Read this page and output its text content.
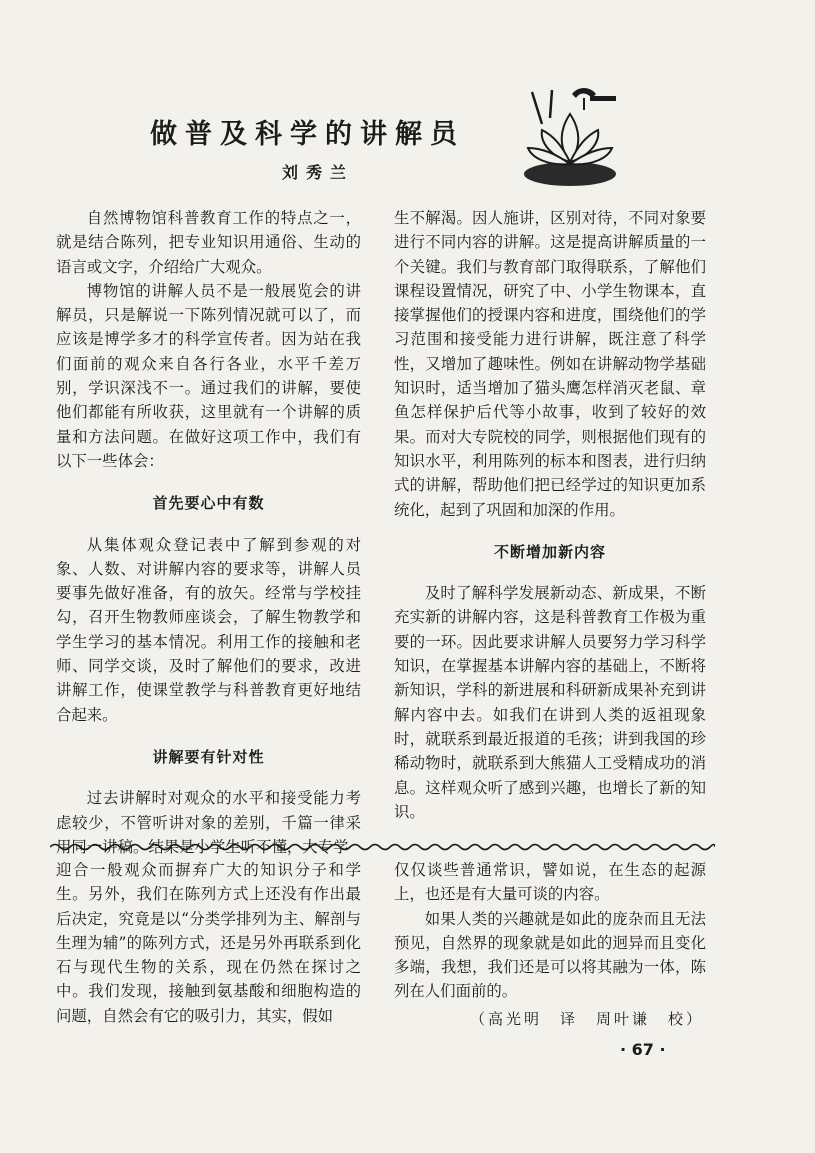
做普及科学的讲解员
刘秀兰

自然博物馆科普教育工作的特点之一，就是结合陈列，把专业知识用通俗、生动的语言或文字，介绍给广大观众。

博物馆的讲解人员不是一般展览会的讲解员，只是解说一下陈列情况就可以了，而应该是博学多才的科学宣传者。因为站在我们面前的观众来自各行各业，水平千差万别，学识深浅不一。通过我们的讲解，要使他们都能有所收获，这里就有一个讲解的质量和方法问题。在做好这项工作中，我们有以下一些体会：

首先要心中有数

从集体观众登记表中了解到参观的对象、人数、对讲解内容的要求等，讲解人员要事先做好准备，有的放矢。经常与学校挂勾，召开生物教师座谈会，了解生物教学和学生学习的基本情况。利用工作的接触和老师、同学交谈，及时了解他们的要求，改进讲解工作，使课堂教学与科普教育更好地结合起来。

讲解要有针对性

过去讲解时对观众的水平和接受能力考虑较少，不管听讲对象的差别，千篇一律采用同一讲稿。结果是小学生听不懂，大专学

生不解渴。因人施讲，区别对待，不同对象要进行不同内容的讲解。这是提高讲解质量的一个关键。我们与教育部门取得联系，了解他们课程设置情况，研究了中、小学生物课本，直接掌握他们的授课内容和进度，围绕他们的学习范围和接受能力进行讲解，既注意了科学性，又增加了趣味性。例如在讲解动物学基础知识时，适当增加了猫头鹰怎样消灭老鼠、章鱼怎样保护后代等小故事，收到了较好的效果。而对大专院校的同学，则根据他们现有的知识水平，利用陈列的标本和图表，进行归纳式的讲解，帮助他们把已经学过的知识更加系统化，起到了巩固和加深的作用。

不断增加新内容

及时了解科学发展新动态、新成果，不断充实新的讲解内容，这是科普教育工作极为重要的一环。因此要求讲解人员要努力学习科学知识，在掌握基本讲解内容的基础上，不断将新知识，学科的新进展和科研新成果补充到讲解内容中去。如我们在讲到人类的返祖现象时，就联系到最近报道的毛孩；讲到我国的珍稀动物时，就联系到大熊猫人工受精成功的消息。这样观众听了感到兴趣，也增长了新的知识。

迎合一般观众而摒弃广大的知识分子和学生。另外，我们在陈列方式上还没有作出最后决定，究竟是以“分类学排列为主、解剖与生理为辅”的陈列方式，还是另外再联系到化石与现代生物的关系，现在仍然在探讨之中。我们发现，接触到氨基酸和细胞构造的问题，自然会有它的吸引力，其实，假如

仅仅谈些普通常识，譬如说，在生态的起源上，也还是有大量可谈的内容。

如果人类的兴趣就是如此的庞杂而且无法预见，自然界的现象就是如此的迥异而且变化多端，我想，我们还是可以将其融为一体，陈列在人们面前的。

（高光明　译　周叶谦　校）
· 67 ·
